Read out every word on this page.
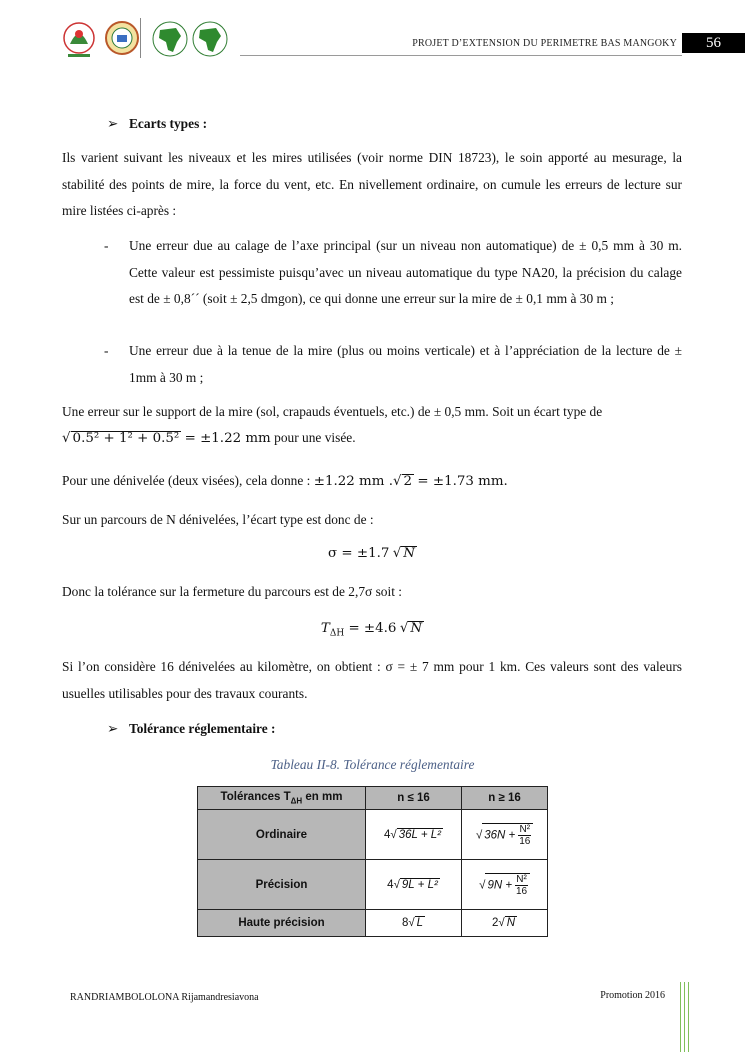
PROJET D’EXTENSION DU PERIMETRE BAS MANGOKY	56
➢ Ecarts types :
Ils varient suivant les niveaux et les mires utilisées (voir norme DIN 18723), le soin apporté au mesurage, la stabilité des points de mire, la force du vent, etc. En nivellement ordinaire, on cumule les erreurs de lecture sur mire listées ci-après :
- Une erreur due au calage de l’axe principal (sur un niveau non automatique) de ± 0,5 mm à 30 m. Cette valeur est pessimiste puisqu’avec un niveau automatique du type NA20, la précision du calage est de ± 0,8´´ (soit ± 2,5 dmgon), ce qui donne une erreur sur la mire de ± 0,1 mm à 30 m ;
- Une erreur due à la tenue de la mire (plus ou moins verticale) et à l’appréciation de la lecture de ± 1mm à 30 m ;
Une erreur sur le support de la mire (sol, crapauds éventuels, etc.) de ± 0,5 mm. Soit un écart type de
√ 0.5² + 1² + 0.5² = ±1.22 mm pour une visée.
Pour une dénivelée (deux visées), cela donne : ±1.22 mm .√ 2 = ±1.73 mm.
Sur un parcours de N dénivelées, l’écart type est donc de :
σ = ±1.7 √ N
Donc la tolérance sur la fermeture du parcours est de 2,7σ soit :
$T_{\Delta H} = \pm 4.6$ √ N
Si l’on considère 16 dénivelées au kilomètre, on obtient : σ = ± 7 mm pour 1 km. Ces valeurs sont des valeurs usuelles utilisables pour des travaux courants.
➢ Tolérance réglementaire :
Tableau II-8. Tolérance réglementaire
Tolérances $T_{\Delta H}$ en mm	n ≤ 16	n ≥ 16
Ordinaire	4√ 36L + L²	√ $36N + \frac{\text{N²}}{16}$

Précision	4√ 9L + L²	√ $9N + \frac{\text{N²}}{16}$

Haute précision	8√ L	2√ N
RANDRIAMBOLOLONA Rijamandresiavona	Promotion 2016
